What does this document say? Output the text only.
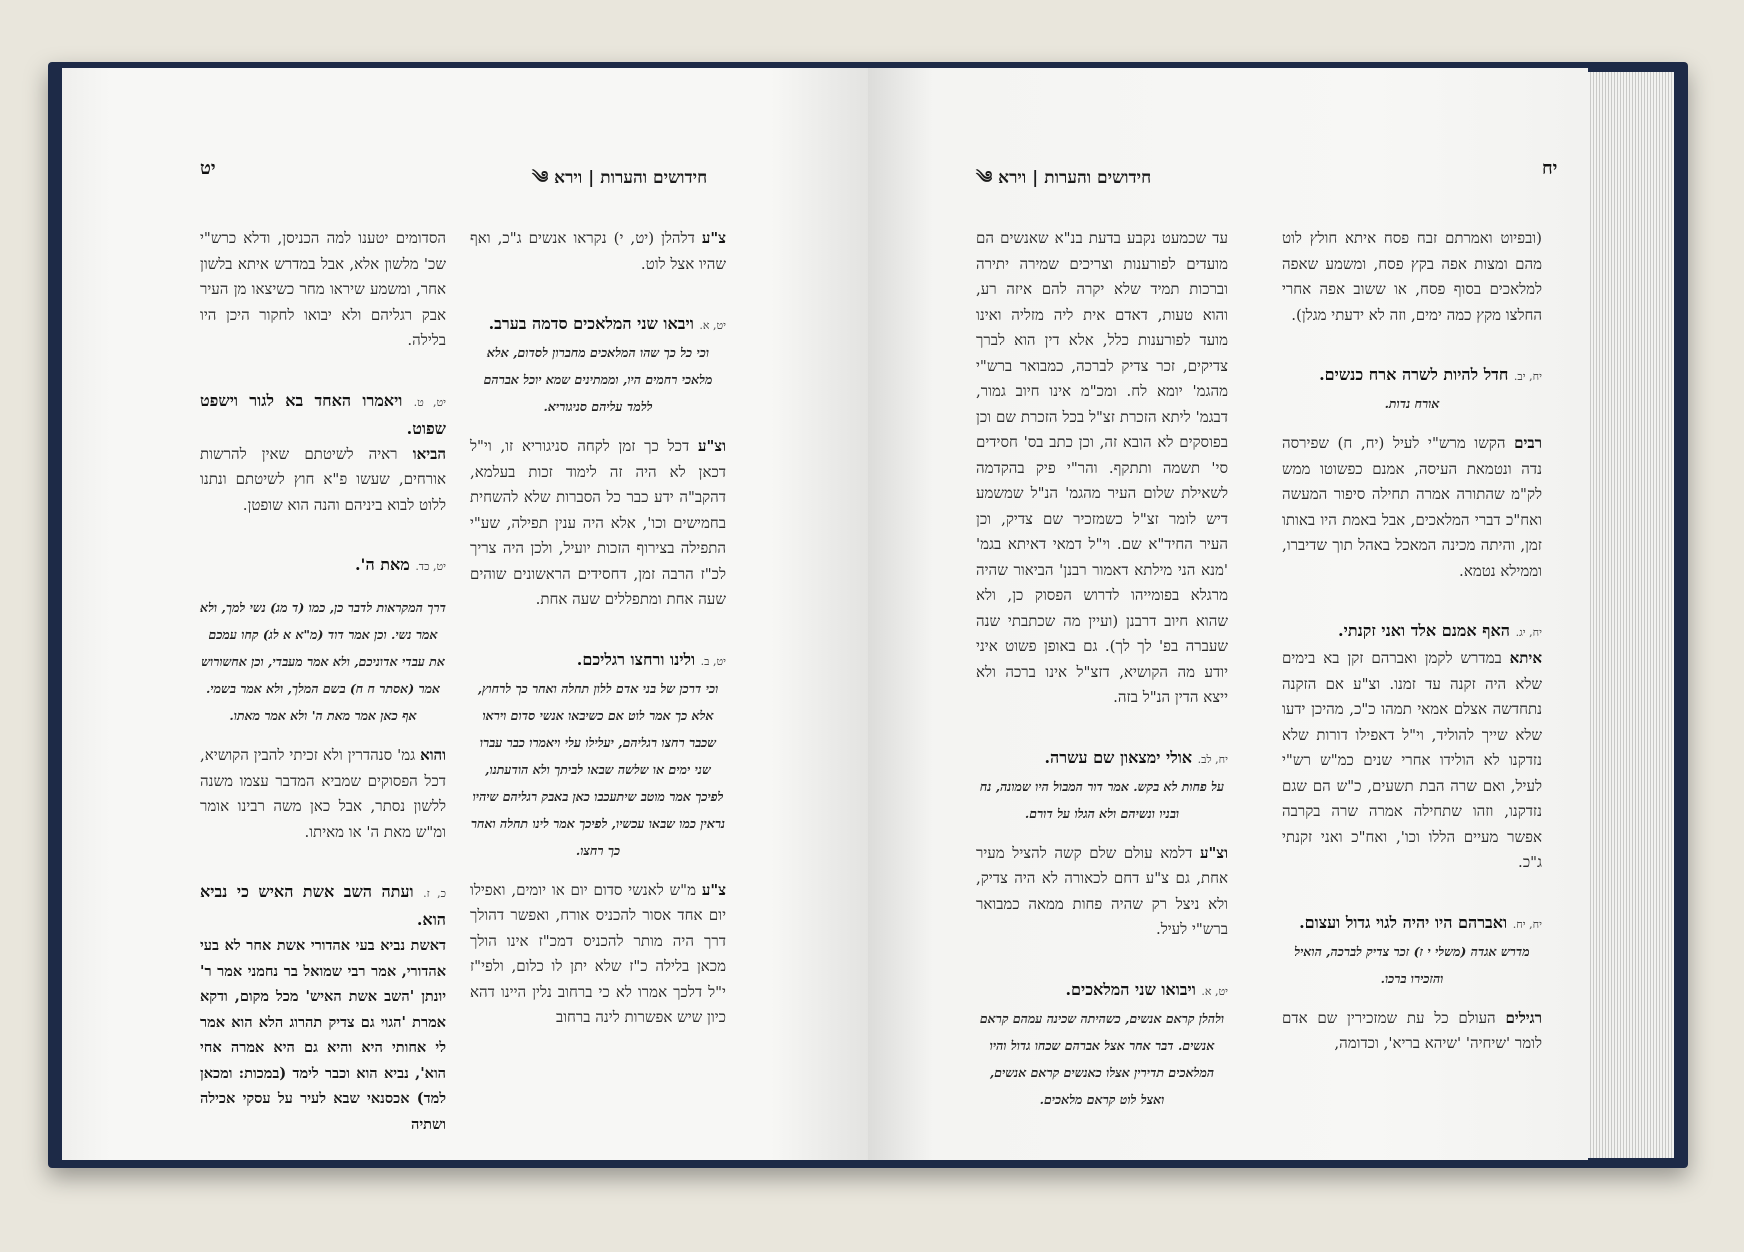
יט	חידושים והערות | וירא ༄

הסדומים יטענו למה הכניסן, ודלא כרש"י שכ' מלשון אלא, אבל במדרש איתא בלשון אחר, ומשמע שיראו מחר כשיצאו מן העיר אבק רגליהם ולא יבואו לחקור היכן היו בלילה.

יט, ט. ויאמרו האחד בא לגור וישפט שפוט.

הביאו ראיה לשיטתם שאין להרשות אורחים, שעשו פ"א חוץ לשיטתם ונתנו ללוט לבוא ביניהם והנה הוא שופטן.

יט, כד. מאת ה'.

דרך המקראות לדבר כן, כמו (ד מג) נשי למך, ולא אמר נשי. וכן אמר דוד (מ"א א לג) קחו עמכם את עבדי אדוניכם, ולא אמר מעבדי, וכן אחשורוש אמר (אסתר ח ח) בשם המלך, ולא אמר בשמי. אף כאן אמר מאת ה' ולא אמר מאתו.

והוא גמ' סנהדרין ולא זכיתי להבין הקושיא, דכל הפסוקים שמביא המדבר עצמו משנה ללשון נסתר, אבל כאן משה רבינו אומר ומ"ש מאת ה' או מאיתו.

כ, ז. ועתה השב אשת האיש כי נביא הוא.

דאשת נביא בעי אהדורי אשת אחר לא בעי אהדורי, אמר רבי שמואל בר נחמני אמר ר' יונתן 'השב אשת האיש' מכל מקום, ודקא אמרת 'הגוי גם צדיק תהרוג הלא הוא אמר לי אחותי היא והיא גם היא אמרה אחי הוא', נביא הוא וכבר לימד (במכות: ומכאן למד) אכסנאי שבא לעיר על עסקי אכילה ושתיה

צ"ע דלהלן (יט, י) נקראו אנשים ג"כ, ואף שהיו אצל לוט.

יט, א. ויבאו שני המלאכים סדמה בערב.

וכי כל כך שהו המלאכים מחברון לסדום, אלא מלאכי רחמים היו, וממתינים שמא יוכל אברהם ללמד עליהם סניגוריא.

וצ"ע דכל כך זמן לקחה סניגוריא זו, וי"ל דכאן לא היה זה לימוד זכות בעלמא, דהקב"ה ידע כבר כל הסברות שלא להשחית בחמישים וכו', אלא היה ענין תפילה, שע"י התפילה בצירוף הזכות יועיל, ולכן היה צריך לכ"ז הרבה זמן, דחסידים הראשונים שוהים שעה אחת ומתפללים שעה אחת.

יט, ב. ולינו ורחצו רגליכם.

וכי דרכן של בני אדם ללון תחלה ואחר כך לרחוץ, אלא כך אמר לוט אם כשיבאו אנשי סדום ויראו שכבר רחצו רגליהם, יעלילו עלי ויאמרו כבר עברו שני ימים או שלשה שבאו לביתך ולא הודעתנו, לפיכך אמר מוטב שיתעכבו כאן באבק רגליהם שיהיו נראין כמו שבאו עכשיו, לפיכך אמר לינו תחלה ואחר כך רחצו.

צ"ע מ"ש לאנשי סדום יום או יומים, ואפילו יום אחד אסור להכניס אורח, ואפשר דהולך דרך היה מותר להכניס דמכ"ז אינו הולך מכאן בלילה כ"ז שלא יתן לו כלום, ולפי"ז י"ל דלכך אמרו לא כי ברחוב נלין היינו דהא כיון שיש אפשרות לינה ברחוב

יח
חידושים והערות | וירא ༄

עד שכמעט נקבע בדעת בנ"א שאנשים הם מועדים לפורענות וצריכים שמירה יתירה וברכות תמיד שלא יקרה להם איזה רע, והוא טעות, דאדם אית ליה מזליה ואינו מועד לפורענות כלל, אלא דין הוא לברך צדיקים, זכר צדיק לברכה, כמבואר ברש"י מהגמ' יומא לח. ומכ"מ אינו חיוב גמור, דבגמ' ליתא הזכרת זצ"ל בכל הזכרת שם וכן בפוסקים לא הובא זה, וכן כתב בס' חסידים סי' תשמה ותתקף. והר"י פיק בהקדמה לשאילת שלום העיר מהגמ' הנ"ל שמשמע דיש לומר זצ"ל כשמזכיר שם צדיק, וכן העיר החיד"א שם. וי"ל דמאי דאיתא בגמ' 'מנא הני מילתא דאמור רבנן' הביאור שהיה מרגלא בפומייהו לדרוש הפסוק כן, ולא שהוא חיוב דרבנן (ועיין מה שכתבתי שנה שעברה בפ' לך לך). גם באופן פשוט איני יודע מה הקושיא, דזצ"ל אינו ברכה ולא ייצא הדין הנ"ל בזה.

יח, לב. אולי ימצאון שם עשרה.

על פחות לא בקש. אמר דור המבול היו שמונה, נח ובניו ונשיהם ולא הגלו על דורם.

וצ"ע דלמא עולם שלם קשה להציל מעיר אחת, גם צ"ע דחם לכאורה לא היה צדיק, ולא ניצל רק שהיה פחות ממאה כמבואר ברש"י לעיל.

יט, א. ויבואו שני המלאכים.

ולהלן קראם אנשים, כשהיתה שכינה עמהם קראם אנשים. דבר אחר אצל אברהם שכחו גדול והיו המלאכים תדירין אצלו כאנשים קראם אנשים, ואצל לוט קראם מלאכים.

(ובפיוט ואמרתם זבח פסח איתא חולץ לוט מהם ומצות אפה בקץ פסח, ומשמע שאפה למלאכים בסוף פסח, או ששוב אפה אחרי החלצו מקץ כמה ימים, וזה לא ידעתי מגלן).

יח, יב. חדל להיות לשרה ארח כנשים.

אורח נדות.

רבים הקשו מרש"י לעיל (יח, ח) שפירסה נדה ונטמאת העיסה, אמנם כפשוטו ממש לק"מ שהתורה אמרה תחילה סיפור המעשה ואח"כ דברי המלאכים, אבל באמת היו באותו זמן, והיתה מכינה המאכל באהל תוך שדיברו, וממילא נטמא.

יח, יג. האף אמנם אלד ואני זקנתי.

איתא במדרש לקמן ואברהם זקן בא בימים שלא היה זקנה עד זמנו. וצ"ע אם הזקנה נתחדשה אצלם אמאי תמהו כ"כ, מהיכן ידעו שלא שייך להוליד, וי"ל דאפילו דורות שלא נזדקנו לא הולידו אחרי שנים כמ"ש רש"י לעיל, ואם שרה הבת תשעים, כ"ש הם שגם נזדקנו, וזהו שתחילה אמרה שרה בקרבה אפשר מעיים הללו וכו', ואח"כ ואני זקנתי ג"כ.

יח, יח. ואברהם היו יהיה לגוי גדול ועצום.

מדרש אגדה (משלי י ז) זכר צדיק לברכה, הואיל והזכירו ברכו.

רגילים העולם כל עת שמזכירין שם אדם לומר 'שיחיה' 'שיהא בריא', וכדומה,
